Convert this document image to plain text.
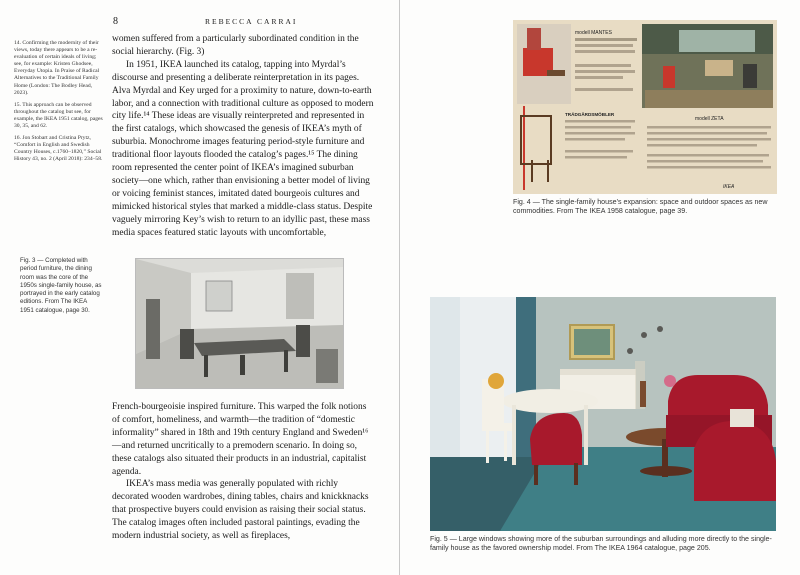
8	REBECCA CARRAI

14. Confirming the modernity of their views, today there appears to be a re-evaluation of certain ideals of living; see, for example: Kristen Ghodsee, Everyday Utopia. In Praise of Radical Alternatives to the Traditional Family Home (London: The Bodley Head, 2023).

15. This approach can be observed throughout the catalog but see, for example, the IKEA 1951 catalog, pages 30, 35, and 62.

16. Jon Stobart and Cristina Prytz, “Comfort in English and Swedish Country Houses, c.1760–1820,” Social History 43, no. 2 (April 2018): 234–58.

Fig. 3 — Completed with period furniture, the dining room was the core of the 1950s single-family house, as portrayed in the early catalog editions. From The IKEA 1951 catalogue, page 30.

women suffered from a particularly subordinated condition in the social hierarchy. (Fig. 3)

In 1951, IKEA launched its catalog, tapping into Myrdal’s discourse and presenting a deliberate reinterpretation in its pages. Alva Myrdal and Key urged for a proximity to nature, down-to-earth labor, and a connection with traditional culture as opposed to modern city life.¹⁴ These ideas are visually reinterpreted and represented in the first catalogs, which showcased the genesis of IKEA’s myth of suburbia. Monochrome images featuring period-style furniture and traditional floor layouts flooded the catalog’s pages.¹⁵ The dining room represented the center point of IKEA’s imagined suburban society—one which, rather than envisioning a better model of living or voicing feminist stances, imitated dated bourgeois cultures and mimicked historical styles that marked a middle-class status. Despite vaguely mirroring Key’s wish to return to an idyllic past, these mass media spaces featured static layouts with uncomfortable,

French-bourgeoisie inspired furniture. This warped the folk notions of comfort, homeliness, and warmth—the tradition of “domestic informality” shared in 18th and 19th century England and Sweden¹⁶—and returned uncritically to a premodern scenario. In doing so, these catalogs also situated their products in an industrial, capitalist agenda.

IKEA’s mass media was generally populated with richly decorated wooden wardrobes, dining tables, chairs and knickknacks that prospective buyers could envision as raising their social status. The catalog images often included pastoral paintings, evading the modern industrial society, as well as fireplaces,

modell MANTES
TRÄDGÅRDSMÖBLER
modell ZETA
IKEA
Fig. 4 — The single-family house’s expansion: space and outdoor spaces as new commodities. From The IKEA 1958 catalogue, page 39.
Fig. 5 — Large windows showing more of the suburban surroundings and alluding more directly to the single-family house as the favored ownership model. From The IKEA 1964 catalogue, page 205.
